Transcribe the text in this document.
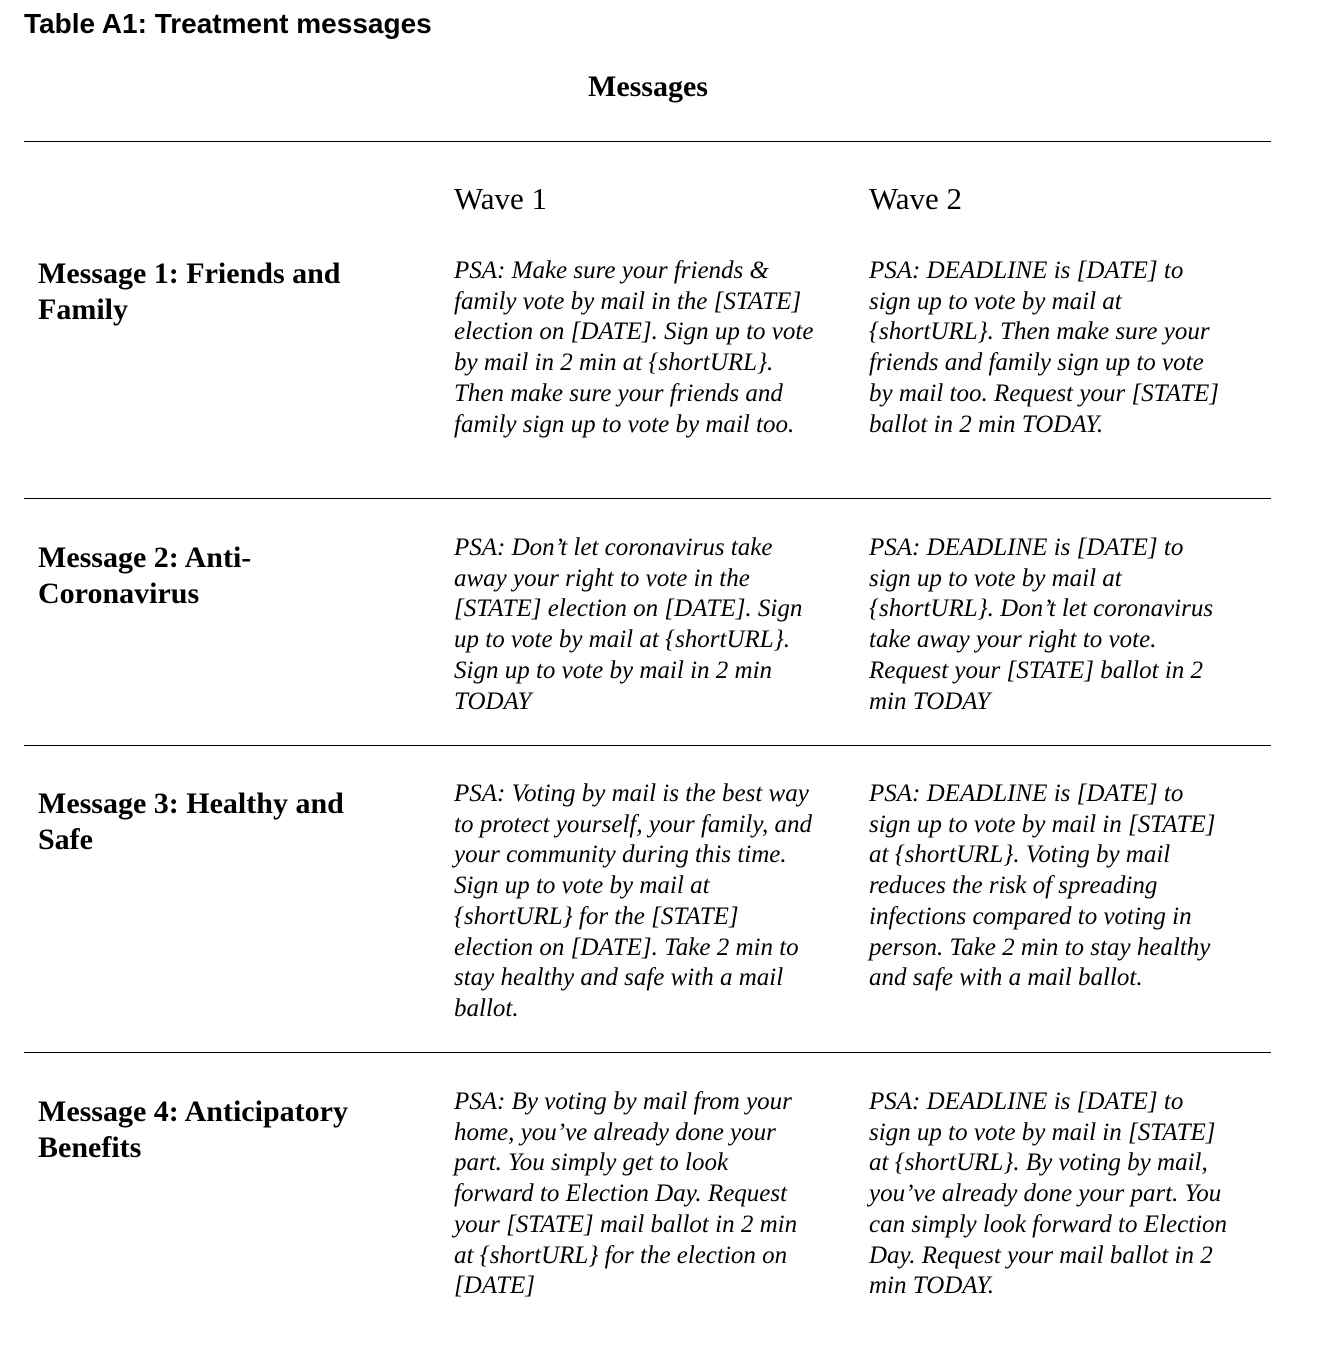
Table A1: Treatment messages
Messages
Wave 1	Wave 2
Message 1: Friends and
Family
PSA: Make sure your friends &
family vote by mail in the [STATE]
election on [DATE]. Sign up to vote
by mail in 2 min at {shortURL}.
Then make sure your friends and
family sign up to vote by mail too.
PSA: DEADLINE is [DATE] to
sign up to vote by mail at
{shortURL}. Then make sure your
friends and family sign up to vote
by mail too. Request your [STATE]
ballot in 2 min TODAY.
Message 2: Anti-
Coronavirus
PSA: Don’t let coronavirus take
away your right to vote in the
[STATE] election on [DATE]. Sign
up to vote by mail at {shortURL}.
Sign up to vote by mail in 2 min
TODAY
PSA: DEADLINE is [DATE] to
sign up to vote by mail at
{shortURL}. Don’t let coronavirus
take away your right to vote.
Request your [STATE] ballot in 2
min TODAY
Message 3: Healthy and
Safe
PSA: Voting by mail is the best way
to protect yourself, your family, and
your community during this time.
Sign up to vote by mail at
{shortURL} for the [STATE]
election on [DATE]. Take 2 min to
stay healthy and safe with a mail
ballot.
PSA: DEADLINE is [DATE] to
sign up to vote by mail in [STATE]
at {shortURL}. Voting by mail
reduces the risk of spreading
infections compared to voting in
person. Take 2 min to stay healthy
and safe with a mail ballot.
Message 4: Anticipatory
Benefits
PSA: By voting by mail from your
home, you’ve already done your
part. You simply get to look
forward to Election Day. Request
your [STATE] mail ballot in 2 min
at {shortURL} for the election on
[DATE]
PSA: DEADLINE is [DATE] to
sign up to vote by mail in [STATE]
at {shortURL}. By voting by mail,
you’ve already done your part. You
can simply look forward to Election
Day. Request your mail ballot in 2
min TODAY.
